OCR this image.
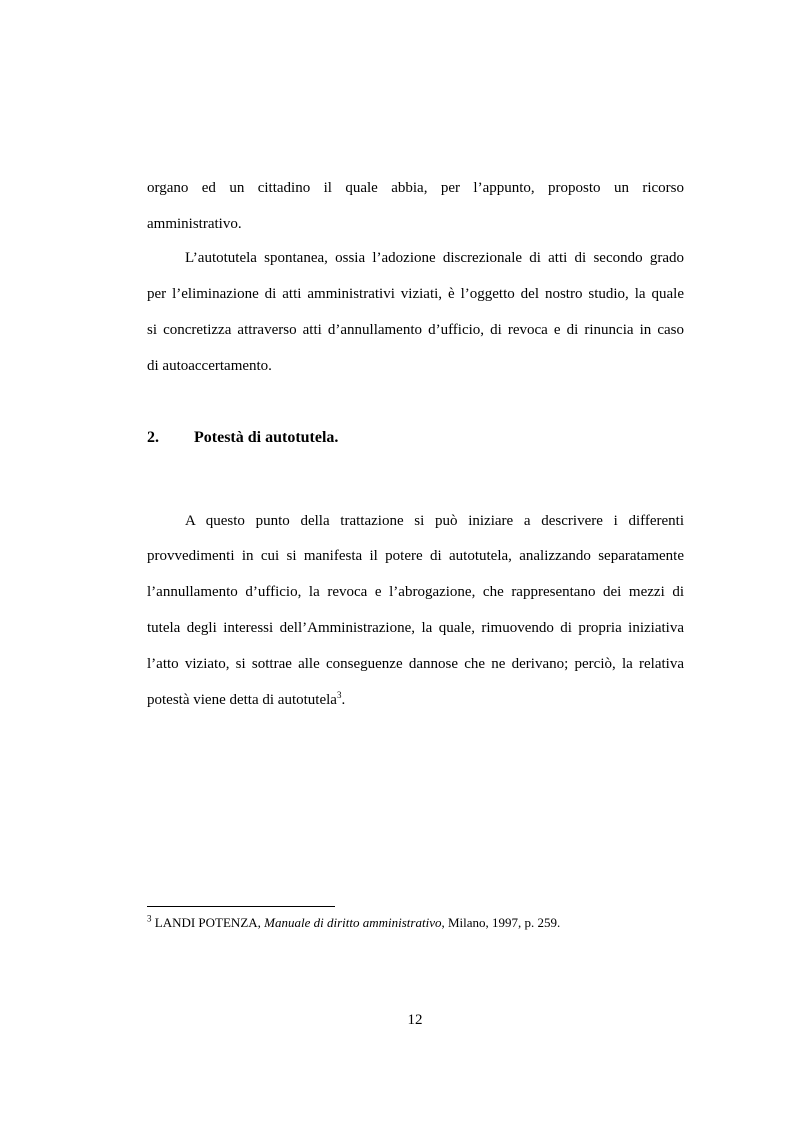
organo ed un cittadino il quale abbia, per l’appunto, proposto un ricorso
amministrativo.
L’autotutela spontanea, ossia l’adozione discrezionale di atti di secondo grado
per l’eliminazione di atti amministrativi viziati, è l’oggetto del nostro studio, la quale
si concretizza attraverso atti d’annullamento d’ufficio, di revoca e di rinuncia in caso
di autoaccertamento.
2. Potestà di autotutela.
A questo punto della trattazione si può iniziare a descrivere i differenti
provvedimenti in cui si manifesta il potere di autotutela, analizzando separatamente
l’annullamento d’ufficio, la revoca e l’abrogazione, che rappresentano dei mezzi di
tutela degli interessi dell’Amministrazione, la quale, rimuovendo di propria iniziativa
l’atto viziato, si sottrae alle conseguenze dannose che ne derivano; perciò, la relativa
potestà viene detta di autotutela$^3$.
$^3$ LANDI POTENZA, Manuale di diritto amministrativo, Milano, 1997, p. 259.
12
